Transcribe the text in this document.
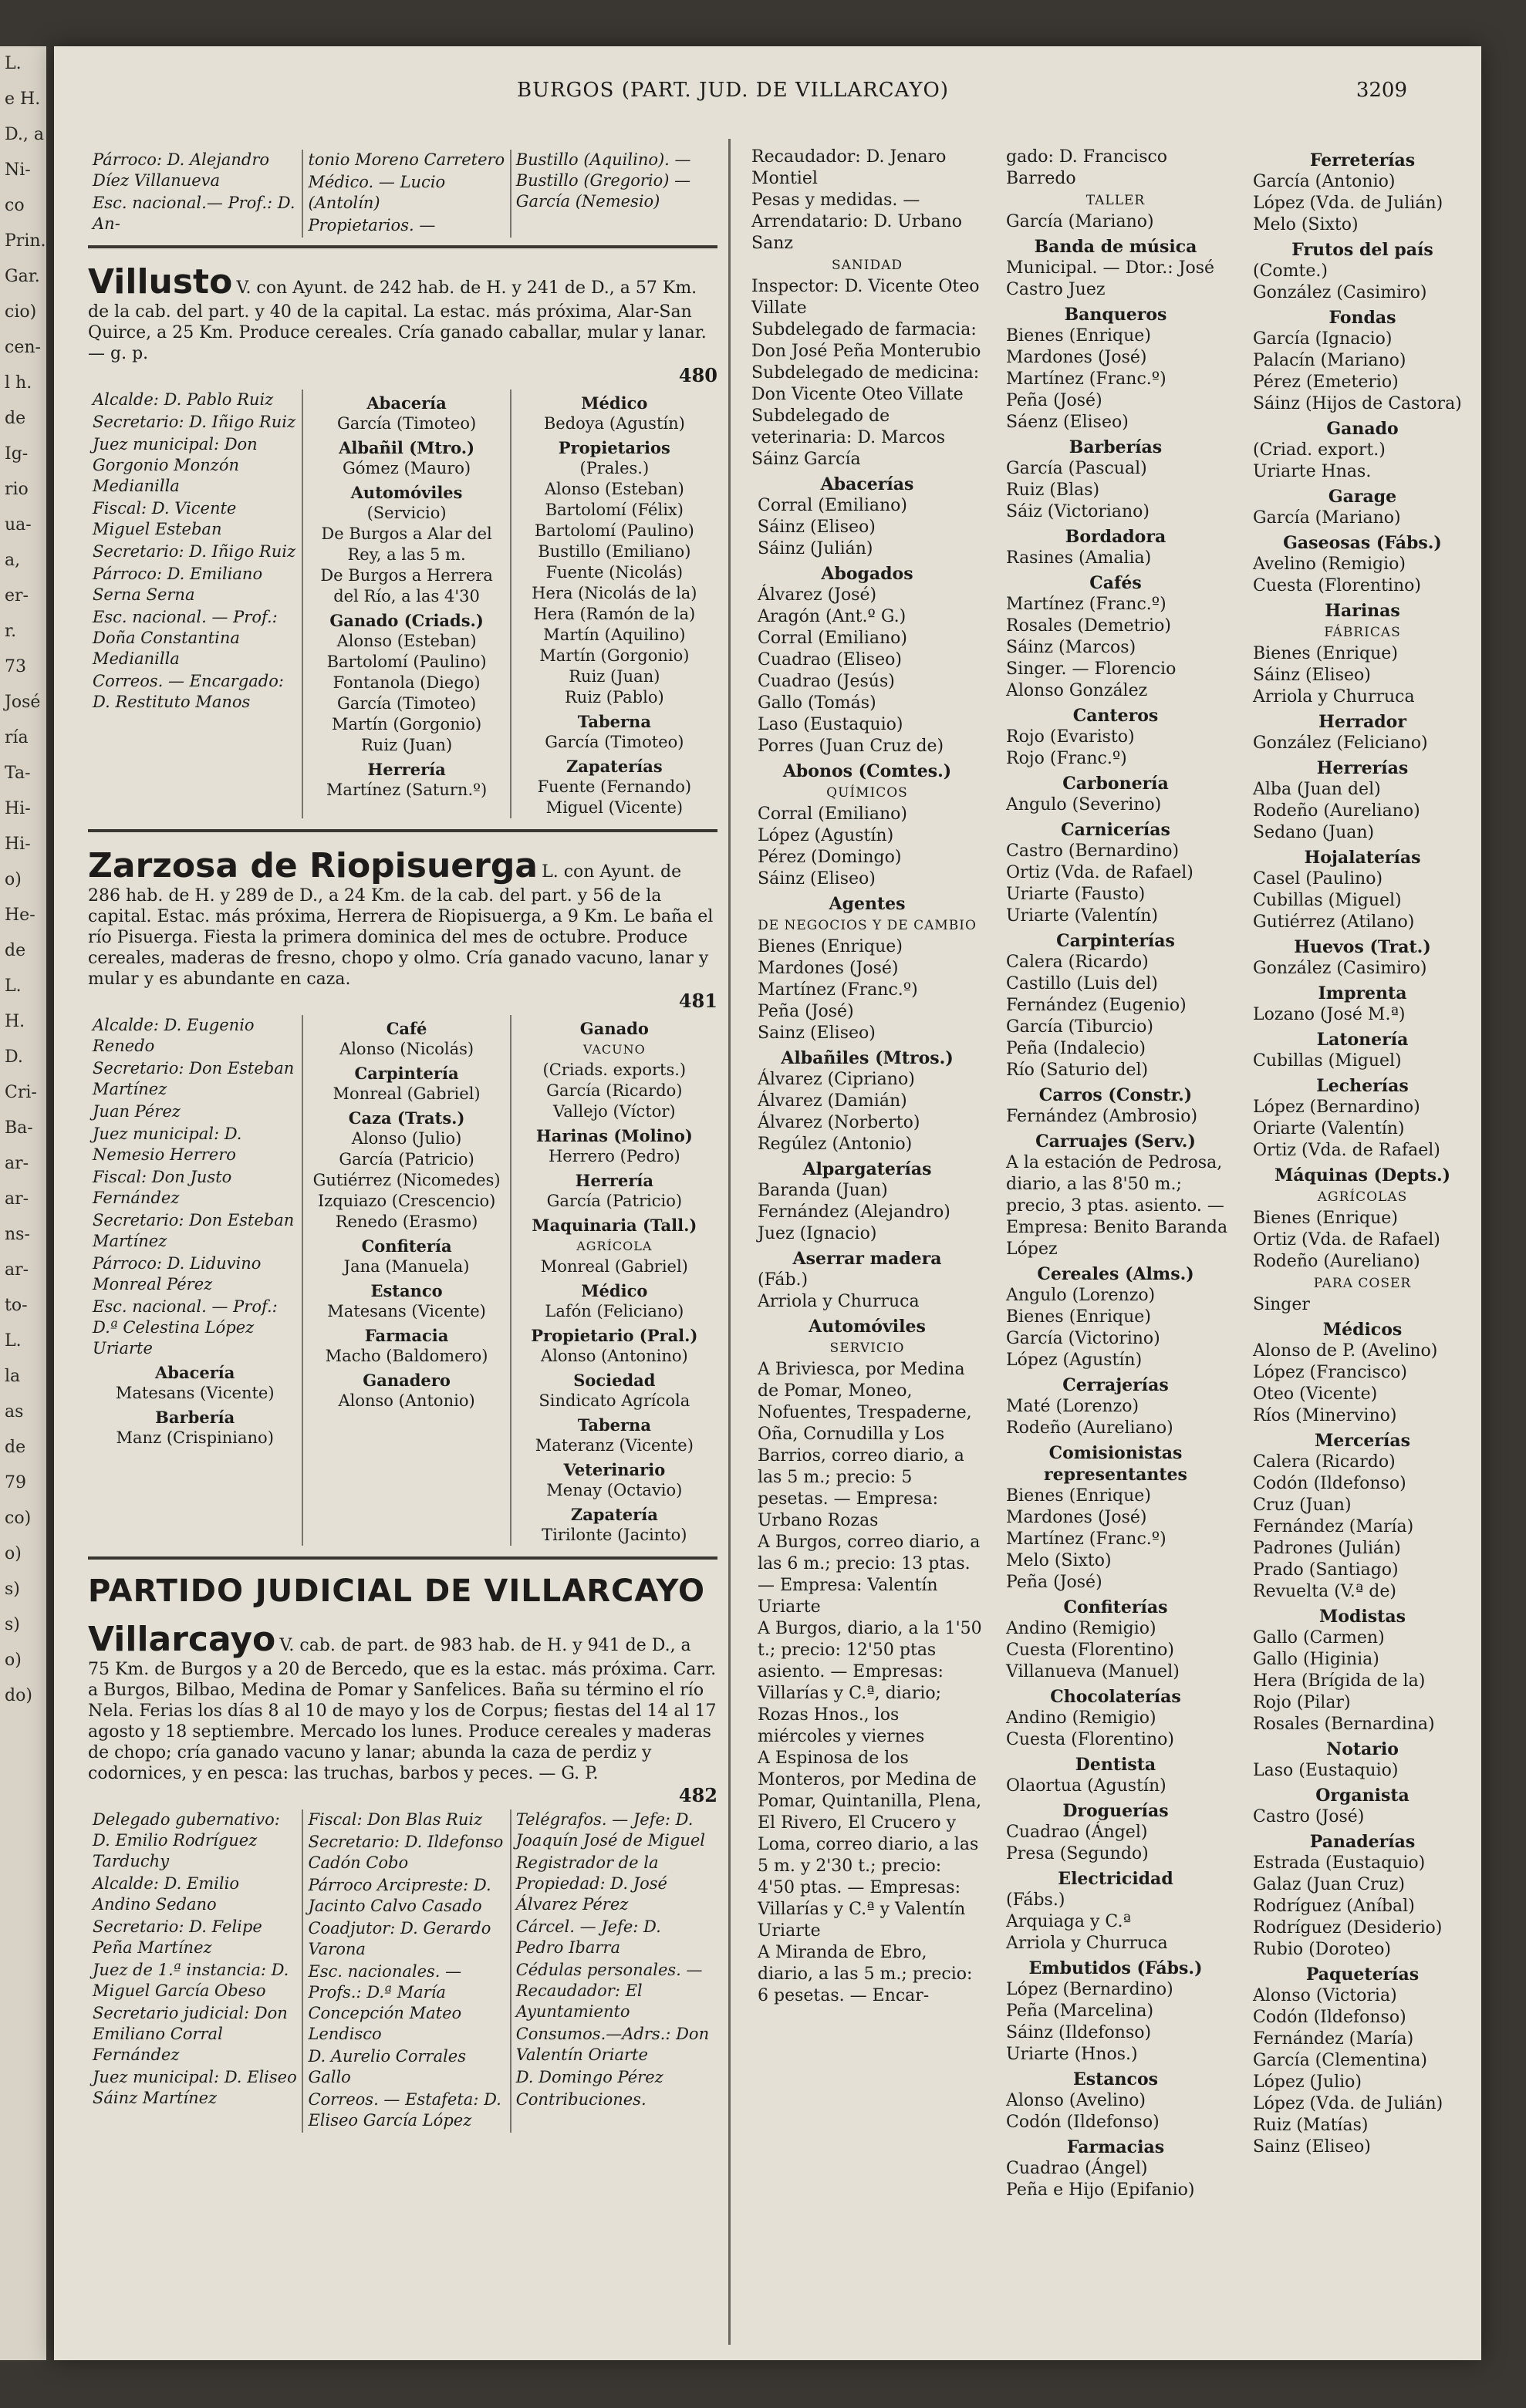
L.
e H.
D., a
Ni-
co
Prin.
Gar.
cio)
cen-
l h.
de
Ig-
rio
ua-
a,
er-
r.
73
José
ría
Ta-
Hi-
Hi-
o)
He-
de
L.
H.
D.
Cri-
Ba-
ar-
ar-
ns-
ar-
to-
L.
la
as
de
79
co)
o)
s)
s)
o)
do)
BURGOS (PART. JUD. DE VILLARCAYO)	3209
Párroco: D. Alejandro Díez Villanueva
Esc. nacional.— Prof.: D. An-
tonio Moreno Carretero
Médico. — Lucio (Antolín)
Propietarios. —
Bustillo (Aquilino). — Bustillo (Gregorio) —García (Nemesio)
Villusto V. con Ayunt. de 242 hab. de H. y 241 de D., a 57 Km. de la cab. del part. y 40 de la capital. La estac. más próxima, Alar-San Quirce, a 25 Km. Produce cereales. Cría ganado caballar, mular y lanar. — g. p.
480
Alcalde: D. Pablo Ruiz
Secretario: D. Iñigo Ruiz
Juez municipal: Don Gorgonio Monzón Medianilla
Fiscal: D. Vicente Miguel Esteban
Secretario: D. Iñigo Ruiz
Párroco: D. Emiliano Serna Serna
Esc. nacional. — Prof.: Doña Constantina Medianilla
Correos. — Encargado: D. Restituto Manos
Abacería
García (Timoteo)
Albañil (Mtro.)
Gómez (Mauro)
Automóviles
(Servicio)
De Burgos a Alar del Rey, a las 5 m.
De Burgos a Herrera del Río, a las 4'30
Ganado (Criads.)
Alonso (Esteban)
Bartolomí (Paulino)
Fontanola (Diego)
García (Timoteo)
Martín (Gorgonio)
Ruiz (Juan)
Herrería
Martínez (Saturn.º)
Médico
Bedoya (Agustín)
Propietarios
(Prales.)
Alonso (Esteban)
Bartolomí (Félix)
Bartolomí (Paulino)
Bustillo (Emiliano)
Fuente (Nicolás)
Hera (Nicolás de la)
Hera (Ramón de la)
Martín (Aquilino)
Martín (Gorgonio)
Ruiz (Juan)
Ruiz (Pablo)
Taberna
García (Timoteo)
Zapaterías
Fuente (Fernando)
Miguel (Vicente)
Zarzosa de Riopisuerga L. con Ayunt. de 286 hab. de H. y 289 de D., a 24 Km. de la cab. del part. y 56 de la capital. Estac. más próxima, Herrera de Riopisuerga, a 9 Km. Le baña el río Pisuerga. Fiesta la primera dominica del mes de octubre. Produce cereales, maderas de fresno, chopo y olmo. Cría ganado vacuno, lanar y mular y es abundante en caza.
481
Alcalde: D. Eugenio Renedo
Secretario: Don Esteban Martínez
Juan Pérez
Juez municipal: D. Nemesio Herrero
Fiscal: Don Justo Fernández
Secretario: Don Esteban Martínez
Párroco: D. Liduvino Monreal Pérez
Esc. nacional. — Prof.: D.ª Celestina López Uriarte
Abacería
Matesans (Vicente)
Barbería
Manz (Crispiniano)
Café
Alonso (Nicolás)
Carpintería
Monreal (Gabriel)
Caza (Trats.)
Alonso (Julio)
García (Patricio)
Gutiérrez (Nicomedes)
Izquiazo (Crescencio)
Renedo (Erasmo)
Confitería
Jana (Manuela)
Estanco
Matesans (Vicente)
Farmacia
Macho (Baldomero)
Ganadero
Alonso (Antonio)
Ganado
VACUNO
(Criads. exports.)
García (Ricardo)
Vallejo (Víctor)
Harinas (Molino)
Herrero (Pedro)
Herrería
García (Patricio)
Maquinaria (Tall.)
AGRÍCOLA
Monreal (Gabriel)
Médico
Lafón (Feliciano)
Propietario (Pral.)
Alonso (Antonino)
Sociedad
Sindicato Agrícola
Taberna
Materanz (Vicente)
Veterinario
Menay (Octavio)
Zapatería
Tirilonte (Jacinto)
PARTIDO JUDICIAL DE VILLARCAYO
Villarcayo V. cab. de part. de 983 hab. de H. y 941 de D., a 75 Km. de Burgos y a 20 de Bercedo, que es la estac. más próxima. Carr. a Burgos, Bilbao, Medina de Pomar y Sanfelices. Baña su término el río Nela. Ferias los días 8 al 10 de mayo y los de Corpus; fiestas del 14 al 17 agosto y 18 septiembre. Mercado los lunes. Produce cereales y maderas de chopo; cría ganado vacuno y lanar; abunda la caza de perdiz y codornices, y en pesca: las truchas, barbos y peces. — G. P.
482
Delegado gubernativo: D. Emilio Rodríguez Tarduchy
Alcalde: D. Emilio Andino Sedano
Secretario: D. Felipe Peña Martínez
Juez de 1.ª instancia: D. Miguel García Obeso
Secretario judicial: Don Emiliano Corral Fernández
Juez municipal: D. Eliseo Sáinz Martínez
Fiscal: Don Blas Ruiz
Secretario: D. Ildefonso Cadón Cobo
Párroco Arcipreste: D. Jacinto Calvo Casado
Coadjutor: D. Gerardo Varona
Esc. nacionales. — Profs.: D.ª María Concepción Mateo Lendisco
D. Aurelio Corrales Gallo
Correos. — Estafeta: D. Eliseo García López
Telégrafos. — Jefe: D. Joaquín José de Miguel
Registrador de la Propiedad: D. José Álvarez Pérez
Cárcel. — Jefe: D. Pedro Ibarra
Cédulas personales. — Recaudador: El Ayuntamiento
Consumos.—Adrs.: Don Valentín Oriarte
D. Domingo Pérez
Contribuciones.
Recaudador: D. Jenaro Montiel
Pesas y medidas. — Arrendatario: D. Urbano Sanz
SANIDAD
Inspector: D. Vicente Oteo Villate
Subdelegado de farmacia: Don José Peña Monterubio
Subdelegado de medicina: Don Vicente Oteo Villate
Subdelegado de veterinaria: D. Marcos Sáinz García
Abacerías
Corral (Emiliano)
Sáinz (Eliseo)
Sáinz (Julián)
Abogados
Álvarez (José)
Aragón (Ant.º G.)
Corral (Emiliano)
Cuadrao (Eliseo)
Cuadrao (Jesús)
Gallo (Tomás)
Laso (Eustaquio)
Porres (Juan Cruz de)
Abonos (Comtes.)
QUÍMICOS
Corral (Emiliano)
López (Agustín)
Pérez (Domingo)
Sáinz (Eliseo)
Agentes
DE NEGOCIOS Y DE CAMBIO
Bienes (Enrique)
Mardones (José)
Martínez (Franc.º)
Peña (José)
Sainz (Eliseo)
Albañiles (Mtros.)
Álvarez (Cipriano)
Álvarez (Damián)
Álvarez (Norberto)
Regúlez (Antonio)
Alpargaterías
Baranda (Juan)
Fernández (Alejandro)
Juez (Ignacio)
Aserrar madera
(Fáb.)
Arriola y Churruca
Automóviles
SERVICIO
A Briviesca, por Medina de Pomar, Moneo, Nofuentes, Trespaderne, Oña, Cornudilla y Los Barrios, correo diario, a las 5 m.; precio: 5 pesetas. — Empresa: Urbano Rozas
A Burgos, correo diario, a las 6 m.; precio: 13 ptas. — Empresa: Valentín Uriarte
A Burgos, diario, a la 1'50 t.; precio: 12'50 ptas asiento. — Empresas: Villarías y C.ª, diario; Rozas Hnos., los miércoles y viernes
A Espinosa de los Monteros, por Medina de Pomar, Quintanilla, Plena, El Rivero, El Crucero y Loma, correo diario, a las 5 m. y 2'30 t.; precio: 4'50 ptas. — Empresas: Villarías y C.ª y Valentín Uriarte
A Miranda de Ebro, diario, a las 5 m.; precio: 6 pesetas. — Encar-
gado: D. Francisco Barredo
TALLER
García (Mariano)
Banda de música
Municipal. — Dtor.: José Castro Juez
Banqueros
Bienes (Enrique)
Mardones (José)
Martínez (Franc.º)
Peña (José)
Sáenz (Eliseo)
Barberías
García (Pascual)
Ruiz (Blas)
Sáiz (Victoriano)
Bordadora
Rasines (Amalia)
Cafés
Martínez (Franc.º)
Rosales (Demetrio)
Sáinz (Marcos)
Singer. — Florencio Alonso González
Canteros
Rojo (Evaristo)
Rojo (Franc.º)
Carbonería
Angulo (Severino)
Carnicerías
Castro (Bernardino)
Ortiz (Vda. de Rafael)
Uriarte (Fausto)
Uriarte (Valentín)
Carpinterías
Calera (Ricardo)
Castillo (Luis del)
Fernández (Eugenio)
García (Tiburcio)
Peña (Indalecio)
Río (Saturio del)
Carros (Constr.)
Fernández (Ambrosio)
Carruajes (Serv.)
A la estación de Pedrosa, diario, a las 8'50 m.; precio, 3 ptas. asiento. — Empresa: Benito Baranda López
Cereales (Alms.)
Angulo (Lorenzo)
Bienes (Enrique)
García (Victorino)
López (Agustín)
Cerrajerías
Maté (Lorenzo)
Rodeño (Aureliano)
Comisionistas representantes
Bienes (Enrique)
Mardones (José)
Martínez (Franc.º)
Melo (Sixto)
Peña (José)
Confiterías
Andino (Remigio)
Cuesta (Florentino)
Villanueva (Manuel)
Chocolaterías
Andino (Remigio)
Cuesta (Florentino)
Dentista
Olaortua (Agustín)
Droguerías
Cuadrao (Ángel)
Presa (Segundo)
Electricidad
(Fábs.)
Arquiaga y C.ª
Arriola y Churruca
Embutidos (Fábs.)
López (Bernardino)
Peña (Marcelina)
Sáinz (Ildefonso)
Uriarte (Hnos.)
Estancos
Alonso (Avelino)
Codón (Ildefonso)
Farmacias
Cuadrao (Ángel)
Peña e Hijo (Epifanio)
Ferreterías
García (Antonio)
López (Vda. de Julián)
Melo (Sixto)
Frutos del país
(Comte.)
González (Casimiro)
Fondas
García (Ignacio)
Palacín (Mariano)
Pérez (Emeterio)
Sáinz (Hijos de Castora)
Ganado
(Criad. export.)
Uriarte Hnas.
Garage
García (Mariano)
Gaseosas (Fábs.)
Avelino (Remigio)
Cuesta (Florentino)
Harinas
FÁBRICAS
Bienes (Enrique)
Sáinz (Eliseo)
Arriola y Churruca
Herrador
González (Feliciano)
Herrerías
Alba (Juan del)
Rodeño (Aureliano)
Sedano (Juan)
Hojalaterías
Casel (Paulino)
Cubillas (Miguel)
Gutiérrez (Atilano)
Huevos (Trat.)
González (Casimiro)
Imprenta
Lozano (José M.ª)
Latonería
Cubillas (Miguel)
Lecherías
López (Bernardino)
Oriarte (Valentín)
Ortiz (Vda. de Rafael)
Máquinas (Depts.)
AGRÍCOLAS
Bienes (Enrique)
Ortiz (Vda. de Rafael)
Rodeño (Aureliano)
PARA COSER
Singer
Médicos
Alonso de P. (Avelino)
López (Francisco)
Oteo (Vicente)
Ríos (Minervino)
Mercerías
Calera (Ricardo)
Codón (Ildefonso)
Cruz (Juan)
Fernández (María)
Padrones (Julián)
Prado (Santiago)
Revuelta (V.ª de)
Modistas
Gallo (Carmen)
Gallo (Higinia)
Hera (Brígida de la)
Rojo (Pilar)
Rosales (Bernardina)
Notario
Laso (Eustaquio)
Organista
Castro (José)
Panaderías
Estrada (Eustaquio)
Galaz (Juan Cruz)
Rodríguez (Aníbal)
Rodríguez (Desiderio)
Rubio (Doroteo)
Paqueterías
Alonso (Victoria)
Codón (Ildefonso)
Fernández (María)
García (Clementina)
López (Julio)
López (Vda. de Julián)
Ruiz (Matías)
Sainz (Eliseo)
